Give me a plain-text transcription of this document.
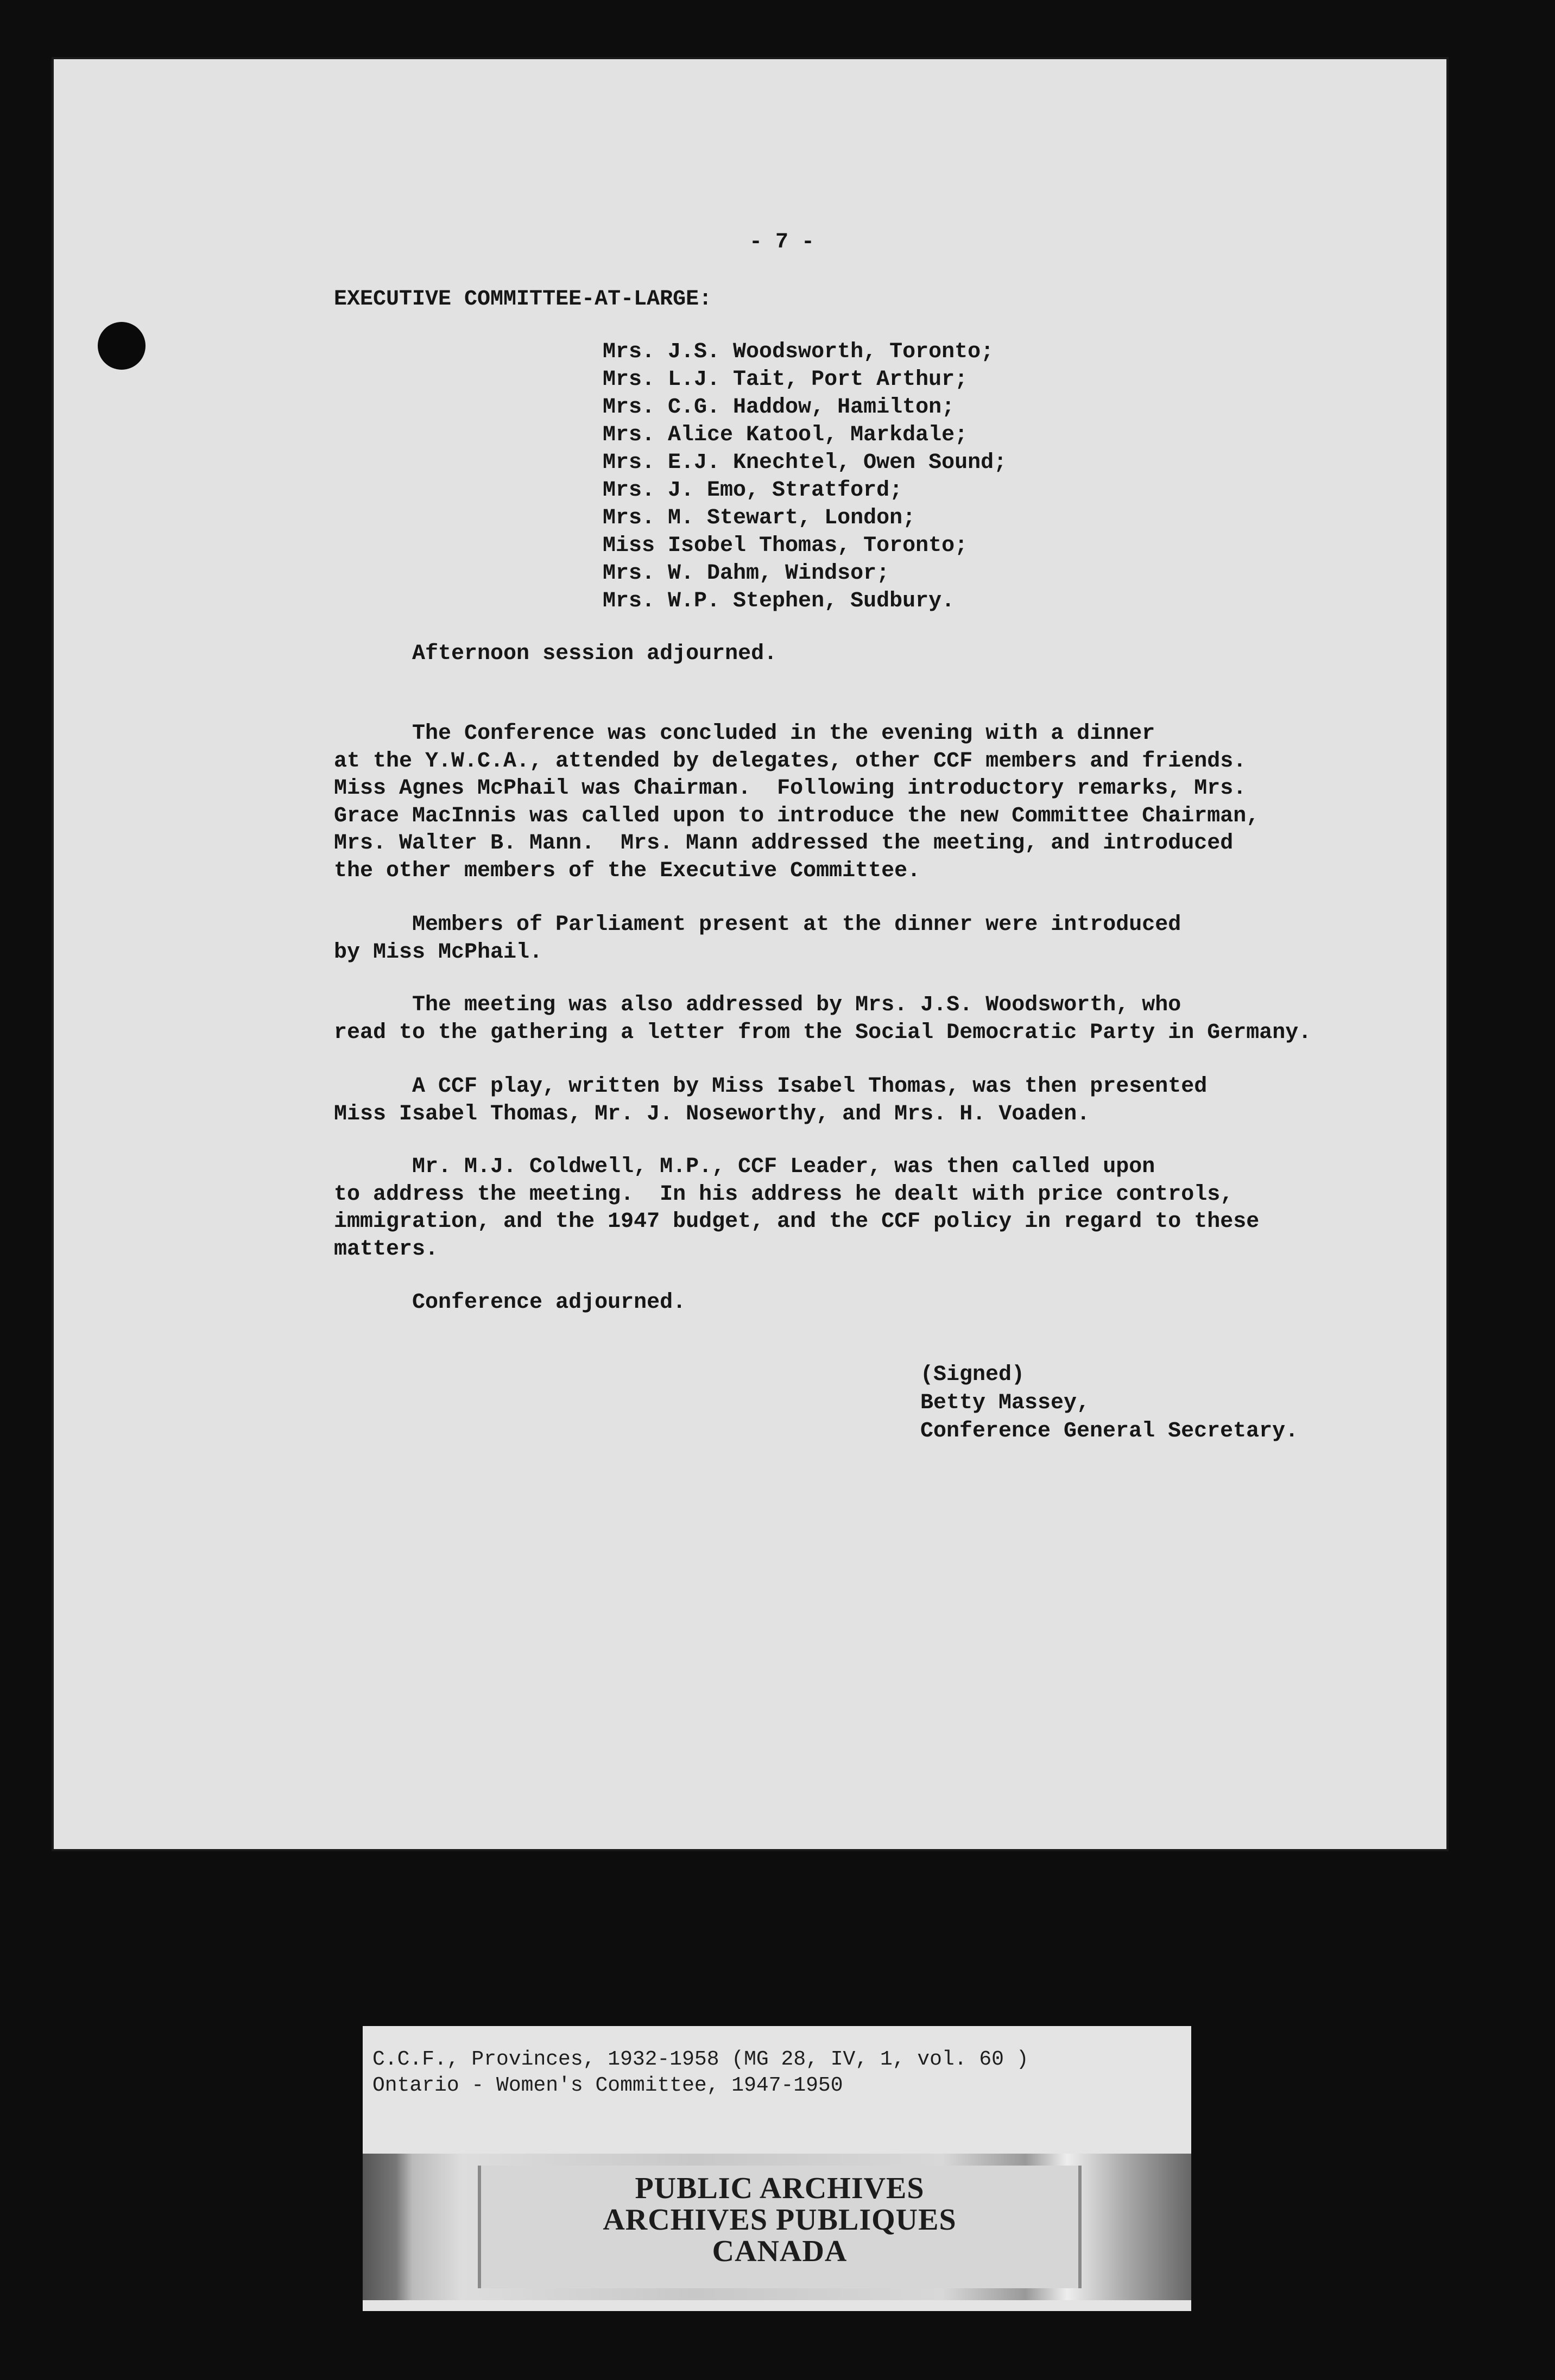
- 7 -
EXECUTIVE COMMITTEE-AT-LARGE:
Mrs. J.S. Woodsworth, Toronto;
Mrs. L.J. Tait, Port Arthur;
Mrs. C.G. Haddow, Hamilton;
Mrs. Alice Katool, Markdale;
Mrs. E.J. Knechtel, Owen Sound;
Mrs. J. Emo, Stratford;
Mrs. M. Stewart, London;
Miss Isobel Thomas, Toronto;
Mrs. W. Dahm, Windsor;
Mrs. W.P. Stephen, Sudbury.

Afternoon session adjourned.

The Conference was concluded in the evening with a dinner
at the Y.W.C.A., attended by delegates, other CCF members and friends.
Miss Agnes McPhail was Chairman.  Following introductory remarks, Mrs.
Grace MacInnis was called upon to introduce the new Committee Chairman,
Mrs. Walter B. Mann.  Mrs. Mann addressed the meeting, and introduced
the other members of the Executive Committee.

Members of Parliament present at the dinner were introduced
by Miss McPhail.

The meeting was also addressed by Mrs. J.S. Woodsworth, who
read to the gathering a letter from the Social Democratic Party in Germany.

A CCF play, written by Miss Isabel Thomas, was then presented
Miss Isabel Thomas, Mr. J. Noseworthy, and Mrs. H. Voaden.

Mr. M.J. Coldwell, M.P., CCF Leader, was then called upon
to address the meeting.  In his address he dealt with price controls,
immigration, and the 1947 budget, and the CCF policy in regard to these
matters.

Conference adjourned.

(Signed)
Betty Massey,
Conference General Secretary.

C.C.F., Provinces, 1932-1958 (MG 28, IV, 1, vol. 60 )

Ontario - Women's Committee, 1947-1950

PUBLIC ARCHIVES
ARCHIVES PUBLIQUES
CANADA
